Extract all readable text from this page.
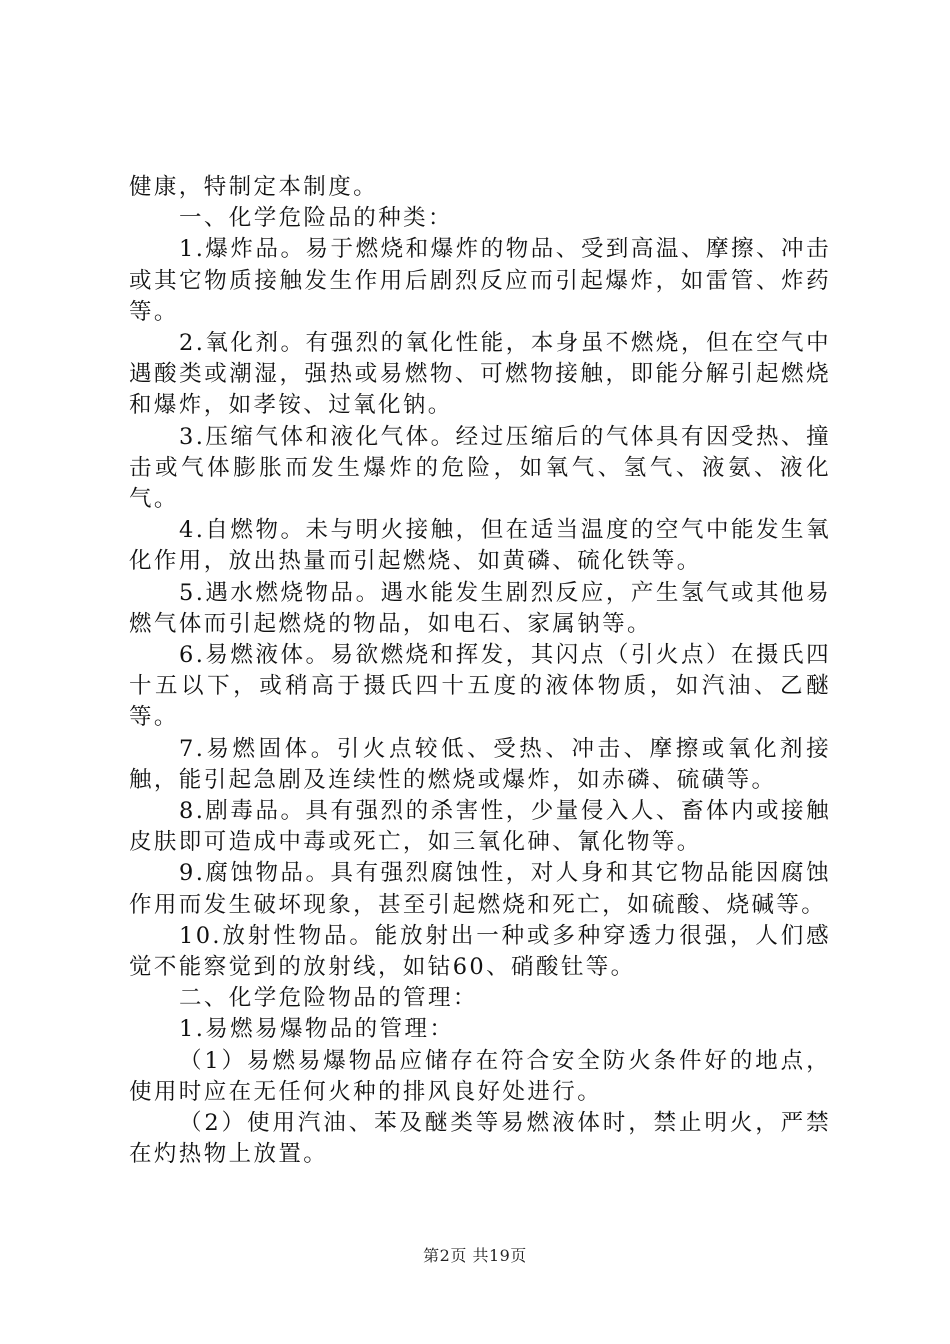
健康，特制定本制度。

一、化学危险品的种类：

1.爆炸品。易于燃烧和爆炸的物品、受到高温、摩擦、冲击或其它物质接触发生作用后剧烈反应而引起爆炸，如雷管、炸药等。

2.氧化剂。有强烈的氧化性能，本身虽不燃烧，但在空气中遇酸类或潮湿，强热或易燃物、可燃物接触，即能分解引起燃烧和爆炸，如孝铵、过氧化钠。

3.压缩气体和液化气体。经过压缩后的气体具有因受热、撞击或气体膨胀而发生爆炸的危险，如氧气、氢气、液氨、液化气。

4.自燃物。未与明火接触，但在适当温度的空气中能发生氧化作用，放出热量而引起燃烧、如黄磷、硫化铁等。

5.遇水燃烧物品。遇水能发生剧烈反应，产生氢气或其他易燃气体而引起燃烧的物品，如电石、家属钠等。

6.易燃液体。易欲燃烧和挥发，其闪点（引火点）在摄氏四十五以下，或稍高于摄氏四十五度的液体物质，如汽油、乙醚等。

7.易燃固体。引火点较低、受热、冲击、摩擦或氧化剂接触，能引起急剧及连续性的燃烧或爆炸，如赤磷、硫磺等。

8.剧毒品。具有强烈的杀害性，少量侵入人、畜体内或接触皮肤即可造成中毒或死亡，如三氧化砷、氰化物等。

9.腐蚀物品。具有强烈腐蚀性，对人身和其它物品能因腐蚀作用而发生破坏现象，甚至引起燃烧和死亡，如硫酸、烧碱等。

10.放射性物品。能放射出一种或多种穿透力很强，人们感觉不能察觉到的放射线，如钴60、硝酸钍等。

二、化学危险物品的管理：

1.易燃易爆物品的管理：

（1）易燃易爆物品应储存在符合安全防火条件好的地点，使用时应在无任何火种的排风良好处进行。

（2）使用汽油、苯及醚类等易燃液体时，禁止明火，严禁在灼热物上放置。

第2页 共19页
